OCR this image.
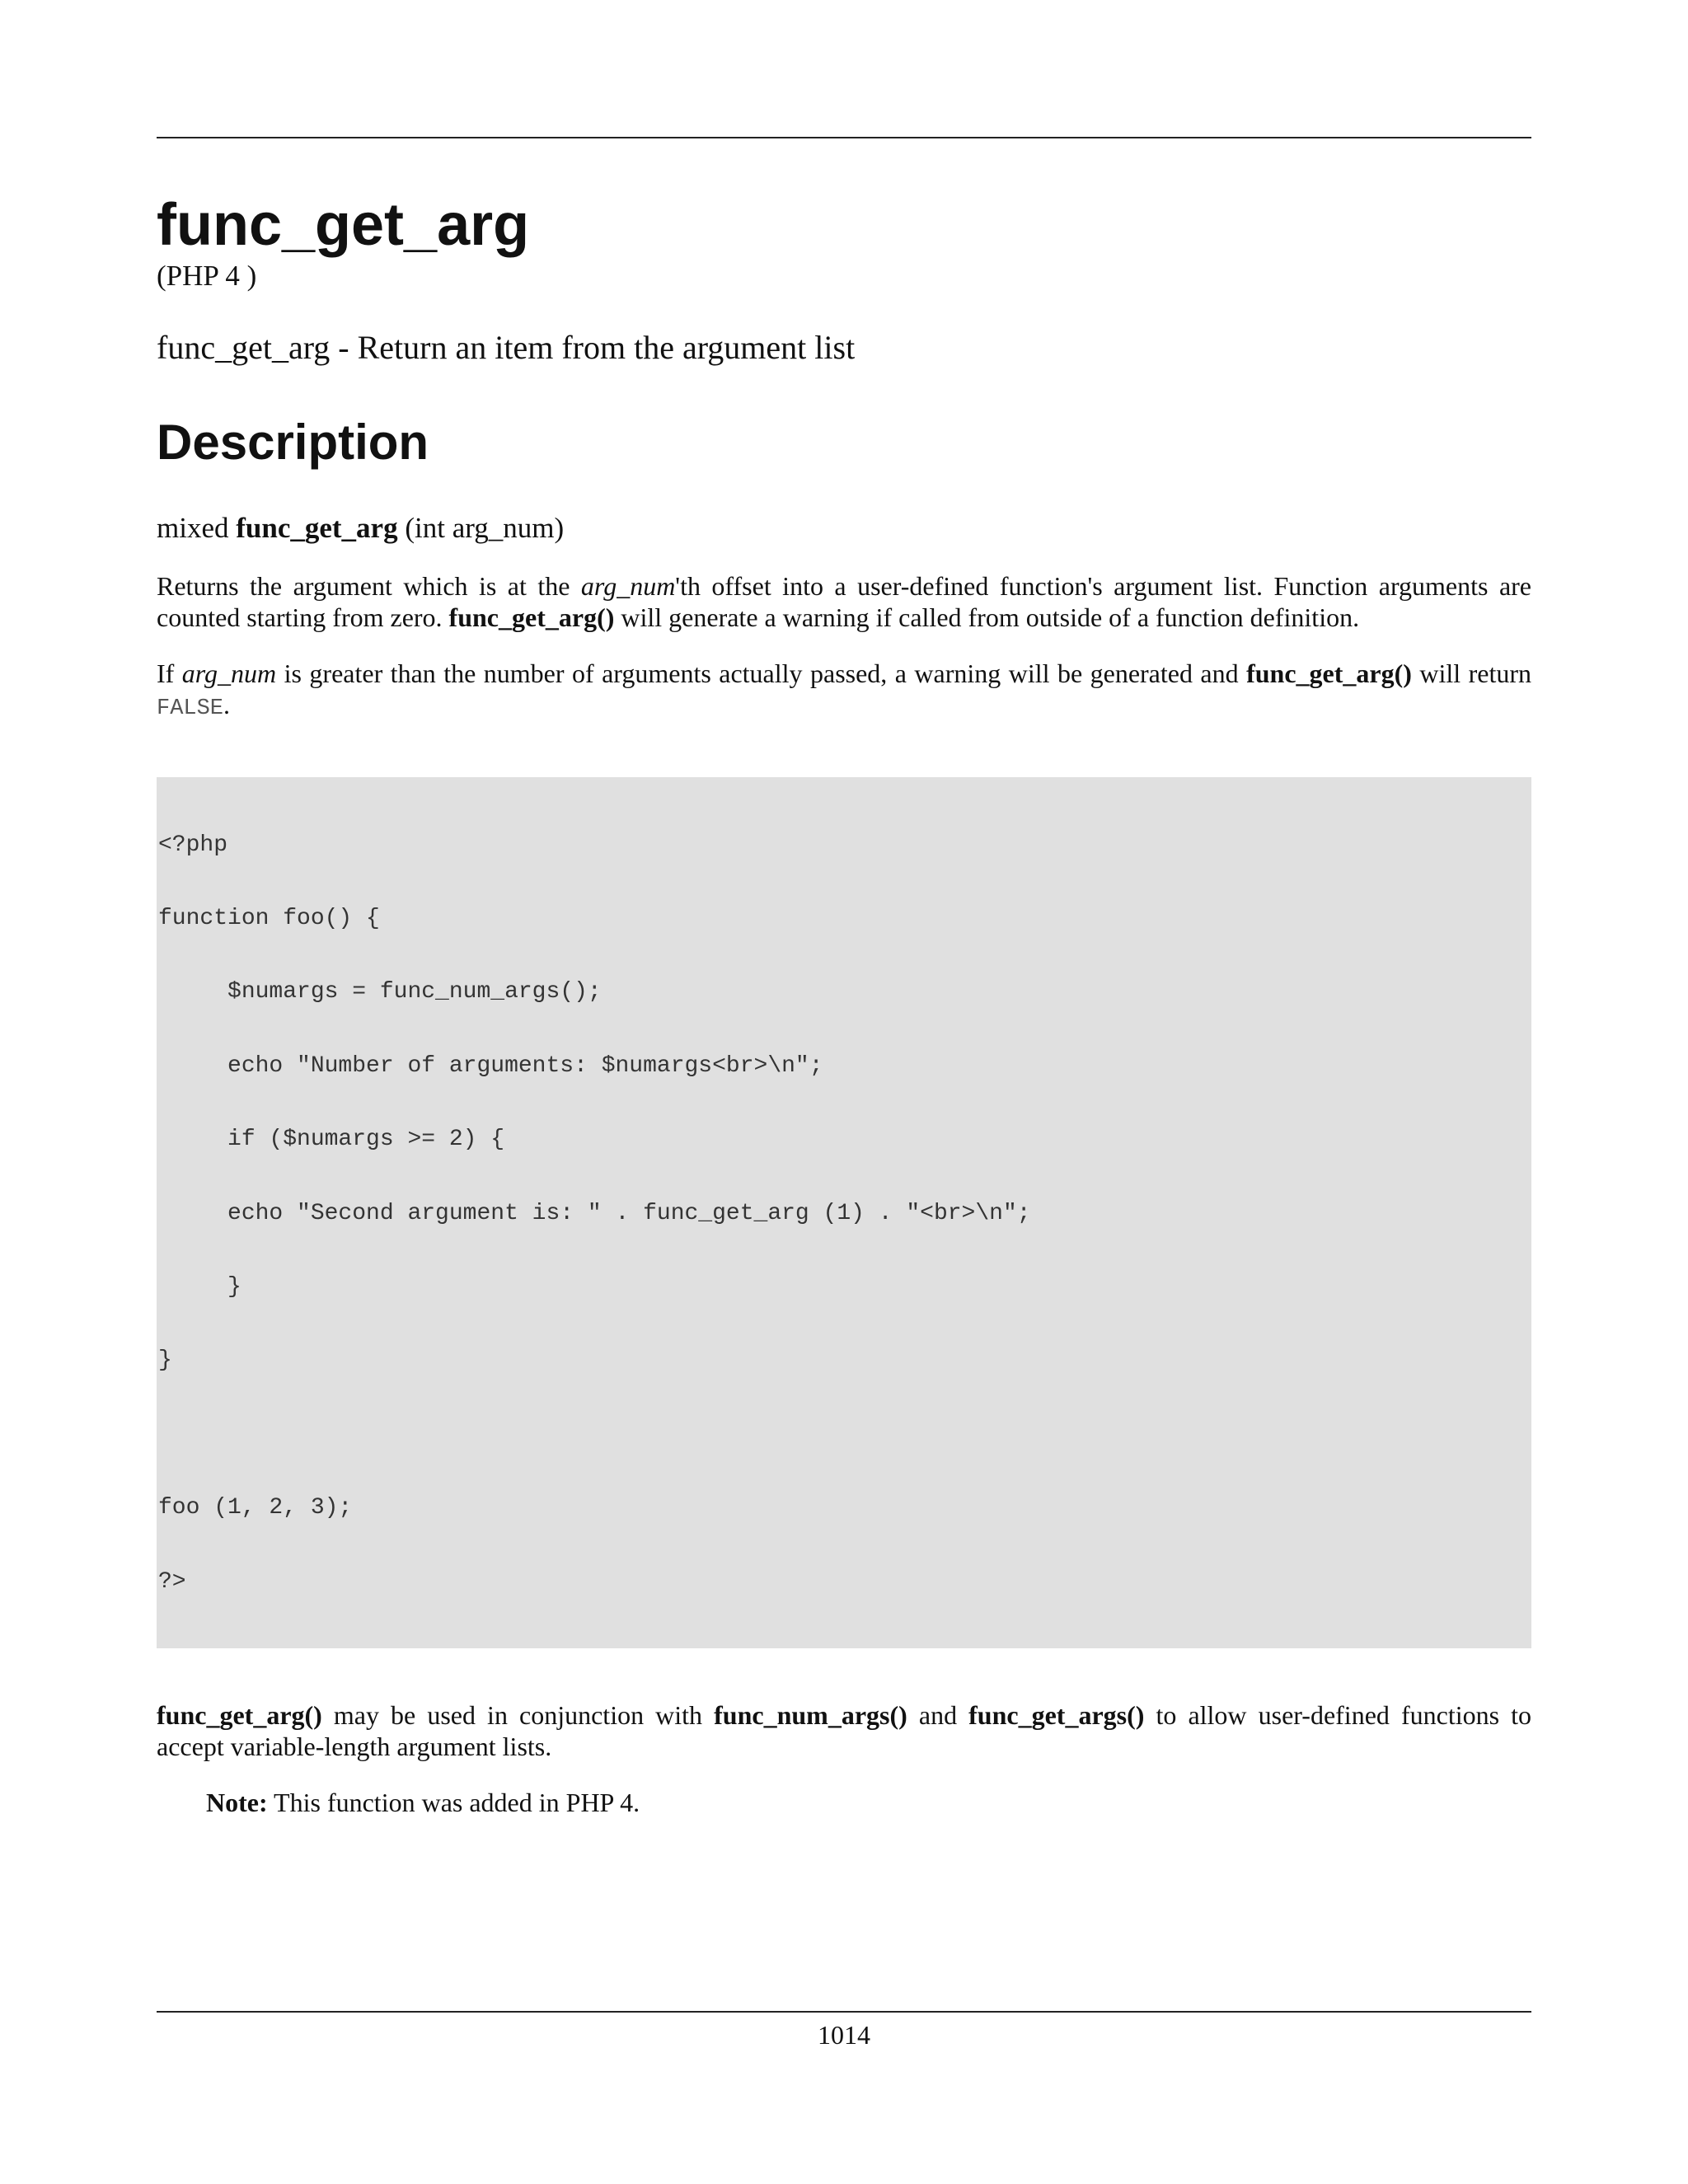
func_get_arg

(PHP 4 )

func_get_arg - Return an item from the argument list

Description

mixed func_get_arg (int arg_num)

Returns the argument which is at the arg_num'th offset into a user-defined function's argument list. Function arguments are counted starting from zero. func_get_arg() will generate a warning if called from outside of a function definition.

If arg_num is greater than the number of arguments actually passed, a warning will be generated and func_get_arg() will return FALSE.

<?php

function foo() {

$numargs = func_num_args();

echo "Number of arguments: $numargs<br>\n";

if ($numargs >= 2) {

echo "Second argument is: " . func_get_arg (1) . "<br>\n";

}

}

foo (1, 2, 3);

?>

func_get_arg() may be used in conjunction with func_num_args() and func_get_args() to allow user-defined functions to accept variable-length argument lists.

Note: This function was added in PHP 4.

1014
